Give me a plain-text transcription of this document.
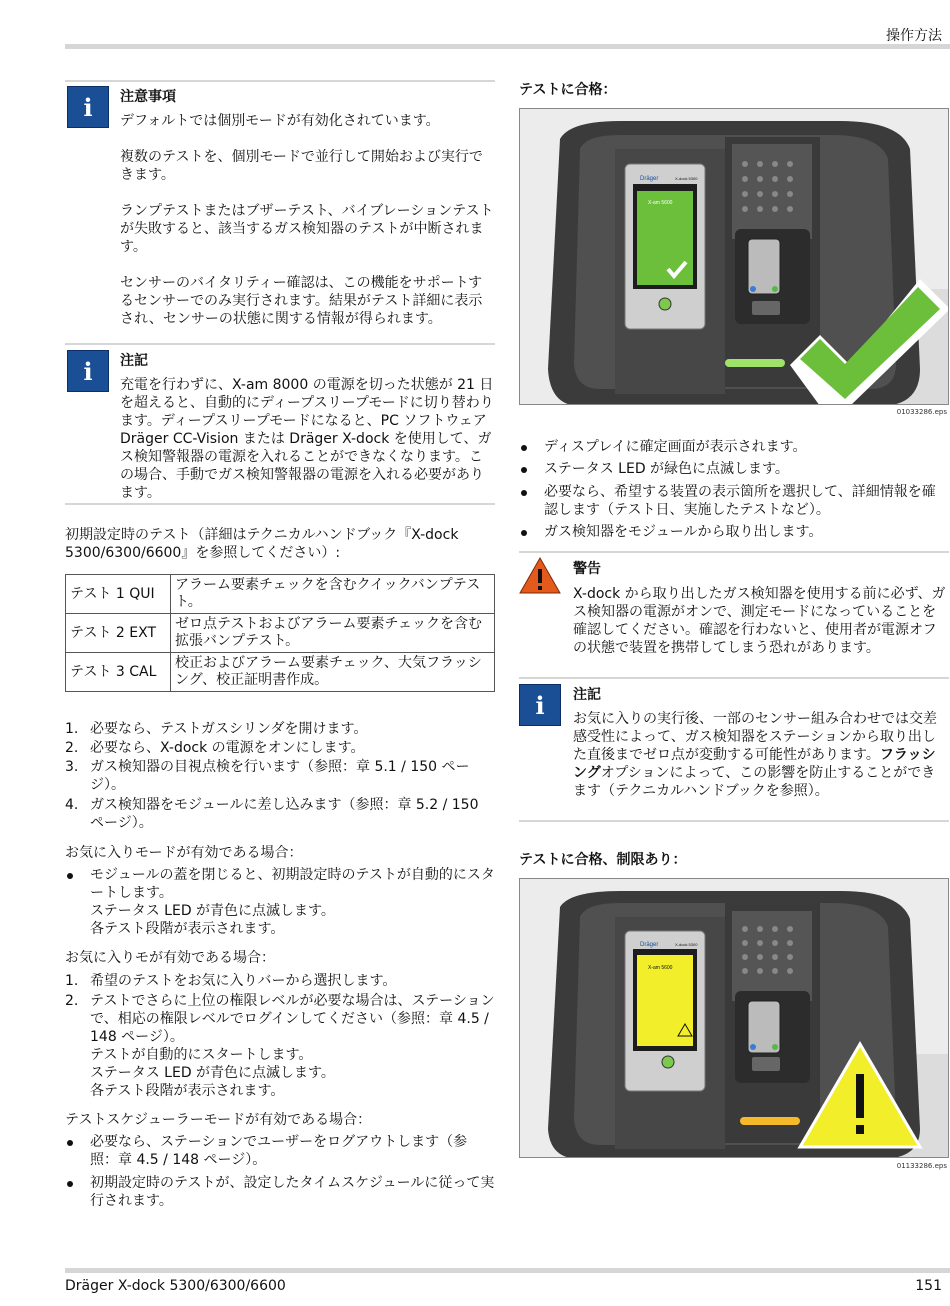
操作方法
i 注意事項
デフォルトでは個別モードが有効化されています。
複数のテストを、個別モードで並行して開始および実行できます。
ランプテストまたはブザーテスト、バイブレーションテストが失敗すると、該当するガス検知器のテストが中断されます。
センサーのバイタリティー確認は、この機能をサポートするセンサーでのみ実行されます。結果がテスト詳細に表示され、センサーの状態に関する情報が得られます。
i 注記
充電を行わずに、X-am 8000 の電源を切った状態が 21 日を超えると、自動的にディープスリープモードに切り替わります。ディープスリープモードになると、PC ソフトウェア Dräger CC-Vision または Dräger X-dock を使用して、ガス検知警報器の電源を入れることができなくなります。この場合、手動でガス検知警報器の電源を入れる必要があります。
初期設定時のテスト（詳細はテクニカルハンドブック『X-dock 5300/6300/6600』を参照してください）:
テスト 1 QUI	アラーム要素チェックを含むクイックバンプテスト。
テスト 2 EXT	ゼロ点テストおよびアラーム要素チェックを含む拡張バンプテスト。
テスト 3 CAL	校正およびアラーム要素チェック、大気フラッシング、校正証明書作成。
1. 必要なら、テストガスシリンダを開けます。
2. 必要なら、X-dock の電源をオンにします。
3. ガス検知器の目視点検を行います（参照：章 5.1 / 150 ページ）。
4. ガス検知器をモジュールに差し込みます（参照：章 5.2 / 150 ページ）。
お気に入りモードが有効である場合：
モジュールの蓋を閉じると、初期設定時のテストが自動的にスタートします。
ステータス LED が青色に点滅します。
各テスト段階が表示されます。
お気に入りモが有効である場合：
1. 希望のテストをお気に入りバーから選択します。
2. テストでさらに上位の権限レベルが必要な場合は、ステーションで、相応の権限レベルでログインしてください（参照：章 4.5 / 148 ページ）。
テストが自動的にスタートします。
ステータス LED が青色に点滅します。
各テスト段階が表示されます。
テストスケジューラーモードが有効である場合：
必要なら、ステーションでユーザーをログアウトします（参照：章 4.5 / 148 ページ）。
初期設定時のテストが、設定したタイムスケジュールに従って実行されます。
テストに合格：
Dräger	X-dock 5300
X-am 5600
01033286.eps
ディスプレイに確定画面が表示されます。
ステータス LED が緑色に点滅します。
必要なら、希望する装置の表示箇所を選択して、詳細情報を確認します（テスト日、実施したテストなど）。
ガス検知器をモジュールから取り出します。
警告
X-dock から取り出したガス検知器を使用する前に必ず、ガス検知器の電源がオンで、測定モードになっていることを確認してください。確認を行わないと、使用者が電源オフの状態で装置を携帯してしまう恐れがあります。
i 注記
お気に入りの実行後、一部のセンサー組み合わせでは交差感受性によって、ガス検知器をステーションから取り出した直後までゼロ点が変動する可能性があります。フラッシングオプションによって、この影響を防止することができます（テクニカルハンドブックを参照）。
テストに合格、制限あり：
Dräger	X-dock 5300
X-am 5600
01133286.eps
Dräger X-dock 5300/6300/6600	151
